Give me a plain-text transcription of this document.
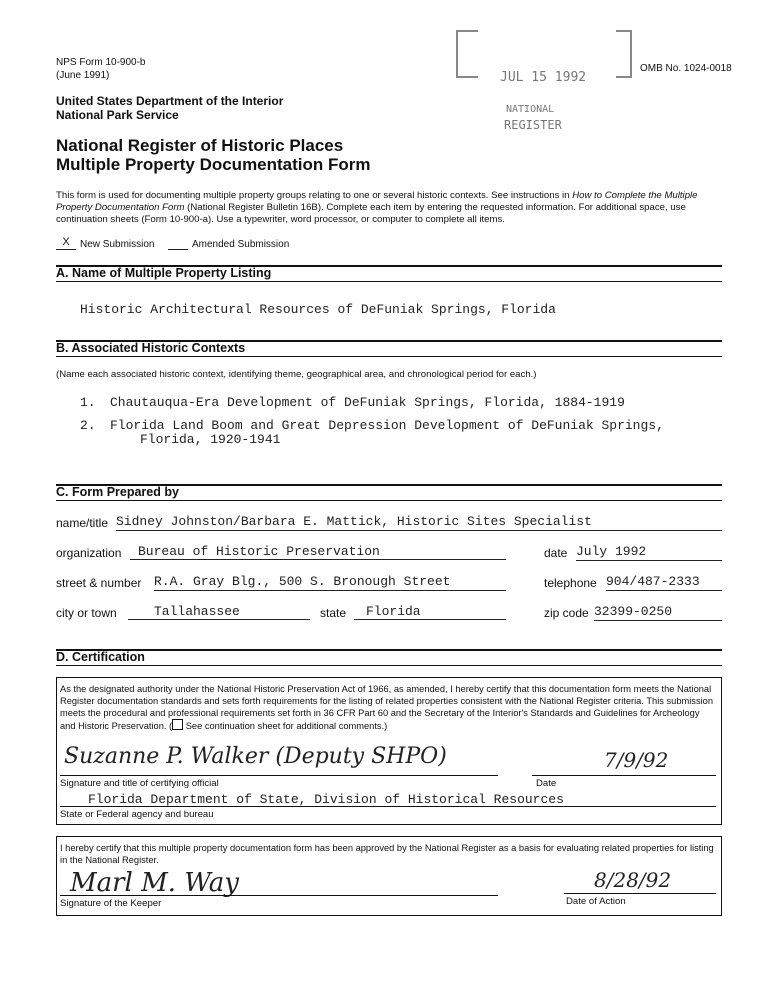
NPS Form 10-900-b
(June 1991)
OMB No. 1024-0018
JUL 15 1992
NATIONAL
REGISTER
United States Department of the Interior
National Park Service
National Register of Historic Places
Multiple Property Documentation Form
This form is used for documenting multiple property groups relating to one or several historic contexts. See instructions in How to Complete the Multiple Property Documentation Form (National Register Bulletin 16B). Complete each item by entering the requested information. For additional space, use continuation sheets (Form 10-900-a). Use a typewriter, word processor, or computer to complete all items.
X	New Submission	Amended Submission
A. Name of Multiple Property Listing
Historic Architectural Resources of DeFuniak Springs, Florida
B. Associated Historic Contexts
(Name each associated historic context, identifying theme, geographical area, and chronological period for each.)
1. Chautauqua-Era Development of DeFuniak Springs, Florida, 1884-1919
2. Florida Land Boom and Great Depression Development of DeFuniak Springs,
Florida, 1920-1941
C. Form Prepared by
name/title Sidney Johnston/Barbara E. Mattick, Historic Sites Specialist
organization	Bureau of Historic Preservation	date July 1992
street & number R.A. Gray Blg., 500 S. Bronough Street	telephone 904/487-2333
city or town	Tallahassee	state	Florida	zip code 32399-0250
D. Certification
As the designated authority under the National Historic Preservation Act of 1966, as amended, I hereby certify that this documentation form meets the National Register documentation standards and sets forth requirements for the listing of related properties consistent with the National Register criteria. This submission meets the procedural and professional requirements set forth in 36 CFR Part 60 and the Secretary of the Interior's Standards and Guidelines for Archeology and Historic Preservation. ( See continuation sheet for additional comments.)
Suzanne P. Walker (Deputy SHPO)
Signature and title of certifying official
7/9/92
Date
Florida Department of State, Division of Historical Resources
State or Federal agency and bureau
I hereby certify that this multiple property documentation form has been approved by the National Register as a basis for evaluating related properties for listing in the National Register.
Marl M. Way
Signature of the Keeper
8/28/92
Date of Action
